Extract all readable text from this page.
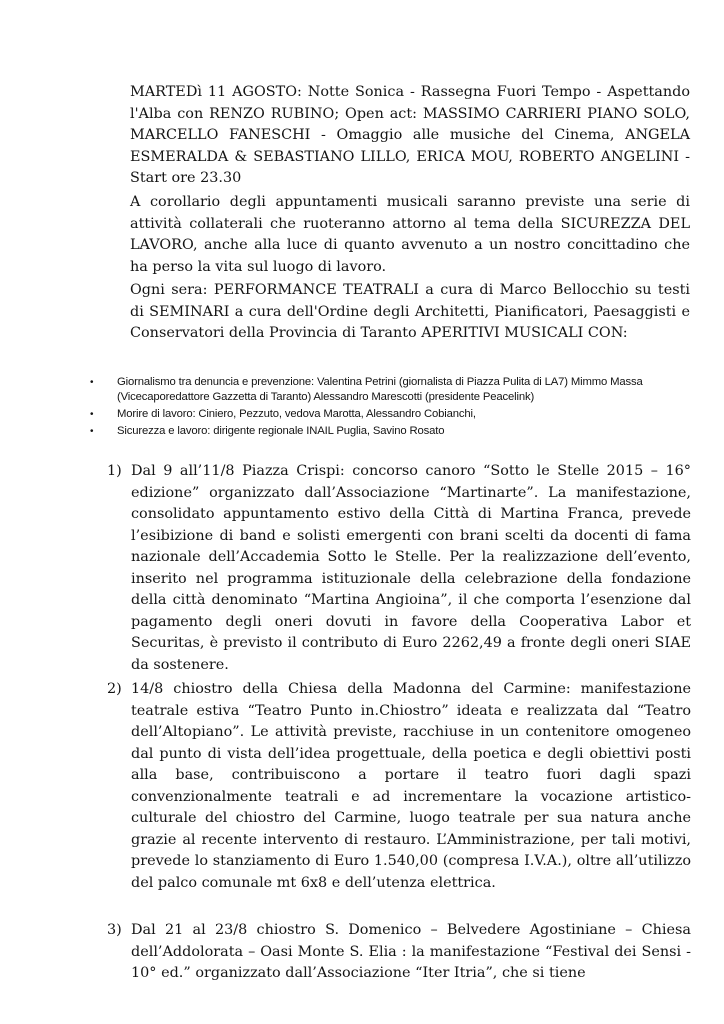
MARTEDì 11 AGOSTO: Notte Sonica - Rassegna Fuori Tempo - Aspettando l'Alba con RENZO RUBINO; Open act: MASSIMO CARRIERI PIANO SOLO, MARCELLO FANESCHI - Omaggio alle musiche del Cinema, ANGELA ESMERALDA & SEBASTIANO LILLO, ERICA MOU, ROBERTO ANGELINI - Start ore 23.30

A corollario degli appuntamenti musicali saranno previste una serie di attività collaterali che ruoteranno attorno al tema della SICUREZZA DEL LAVORO, anche alla luce di quanto avvenuto a un nostro concittadino che ha perso la vita sul luogo di lavoro.

Ogni sera: PERFORMANCE TEATRALI a cura di Marco Bellocchio su testi di SEMINARI a cura dell'Ordine degli Architetti, Pianificatori, Paesaggisti e Conservatori della Provincia di Taranto APERITIVI MUSICALI CON:

• Giornalismo tra denuncia e prevenzione: Valentina Petrini (giornalista di Piazza Pulita di LA7) Mimmo Massa (Vicecaporedattore Gazzetta di Taranto) Alessandro Marescotti (presidente Peacelink)
• Morire di lavoro: Ciniero, Pezzuto, vedova Marotta, Alessandro Cobianchi,
• Sicurezza e lavoro: dirigente regionale INAIL Puglia, Savino Rosato
1) Dal 9 all’11/8 Piazza Crispi: concorso canoro “Sotto le Stelle 2015 – 16° edizione” organizzato dall’Associazione “Martinarte”. La manifestazione, consolidato appuntamento estivo della Città di Martina Franca, prevede l’esibizione di band e solisti emergenti con brani scelti da docenti di fama nazionale dell’Accademia Sotto le Stelle. Per la realizzazione dell’evento, inserito nel programma istituzionale della celebrazione della fondazione della città denominato “Martina Angioina”, il che comporta l’esenzione dal pagamento degli oneri dovuti in favore della Cooperativa Labor et Securitas, è previsto il contributo di Euro 2262,49 a fronte degli oneri SIAE da sostenere.

2) 14/8 chiostro della Chiesa della Madonna del Carmine: manifestazione teatrale estiva “Teatro Punto in.Chiostro” ideata e realizzata dal “Teatro dell’Altopiano”. Le attività previste, racchiuse in un contenitore omogeneo dal punto di vista dell’idea progettuale, della poetica e degli obiettivi posti alla base, contribuiscono a portare il teatro fuori dagli spazi convenzionalmente teatrali e ad incrementare la vocazione artistico-culturale del chiostro del Carmine, luogo teatrale per sua natura anche grazie al recente intervento di restauro. L’Amministrazione, per tali motivi, prevede lo stanziamento di Euro 1.540,00 (compresa I.V.A.), oltre all’utilizzo del palco comunale mt 6x8 e dell’utenza elettrica.

3) Dal 21 al 23/8 chiostro S. Domenico – Belvedere Agostiniane – Chiesa dell’Addolorata – Oasi Monte S. Elia : la manifestazione “Festival dei Sensi - 10° ed.” organizzato dall’Associazione “Iter Itria”, che si tiene
